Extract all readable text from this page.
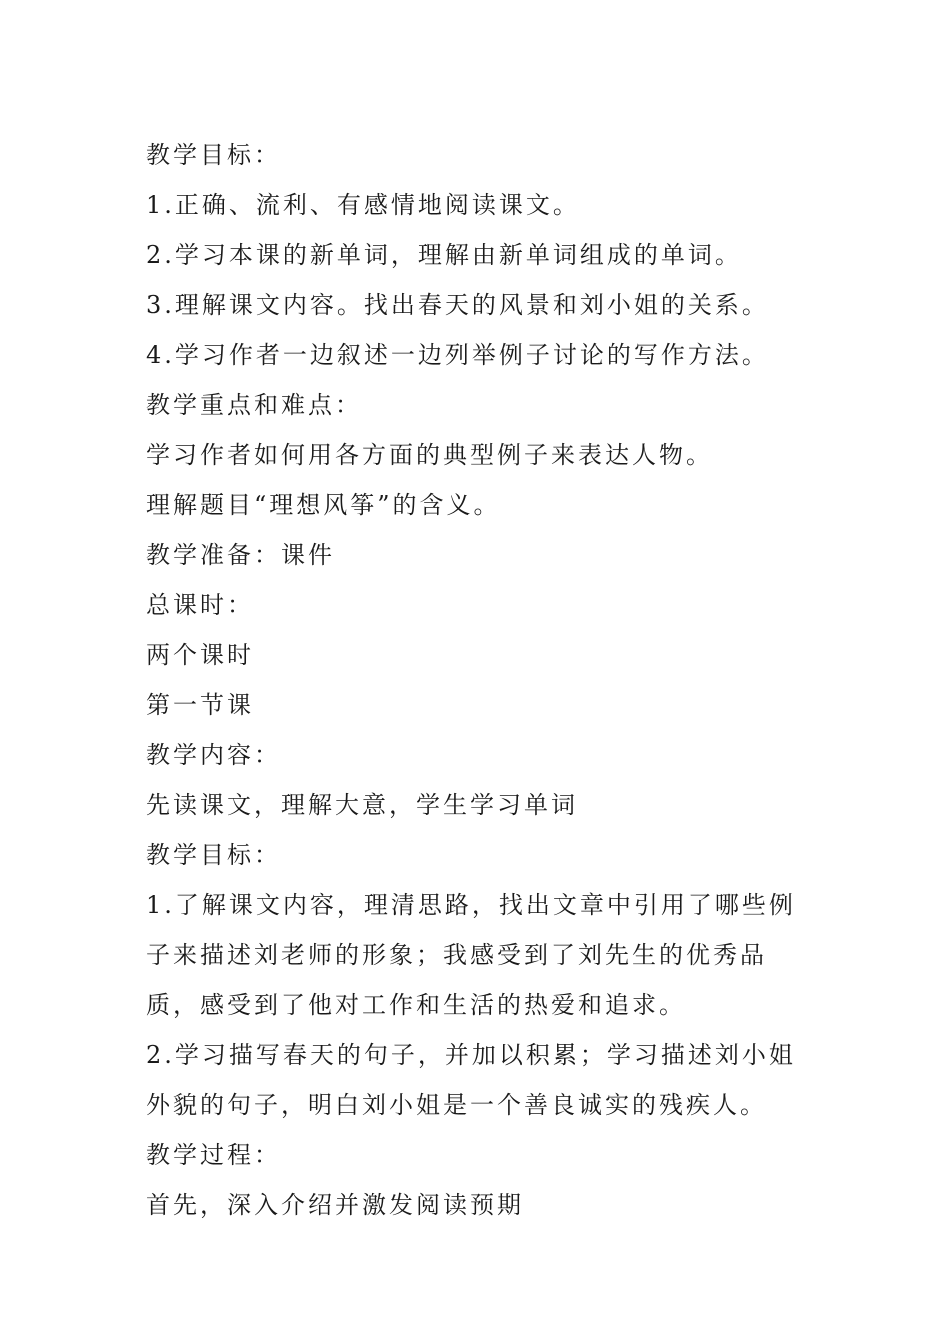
教学目标：

1.正确、流利、有感情地阅读课文。

2.学习本课的新单词，理解由新单词组成的单词。

3.理解课文内容。找出春天的风景和刘小姐的关系。

4.学习作者一边叙述一边列举例子讨论的写作方法。

教学重点和难点：

学习作者如何用各方面的典型例子来表达人物。

理解题目“理想风筝”的含义。

教学准备：课件

总课时：

两个课时

第一节课

教学内容：

先读课文，理解大意，学生学习单词

教学目标：

1.了解课文内容，理清思路，找出文章中引用了哪些例子来描述刘老师的形象；我感受到了刘先生的优秀品质，感受到了他对工作和生活的热爱和追求。

2.学习描写春天的句子，并加以积累；学习描述刘小姐外貌的句子，明白刘小姐是一个善良诚实的残疾人。

教学过程：

首先，深入介绍并激发阅读预期
